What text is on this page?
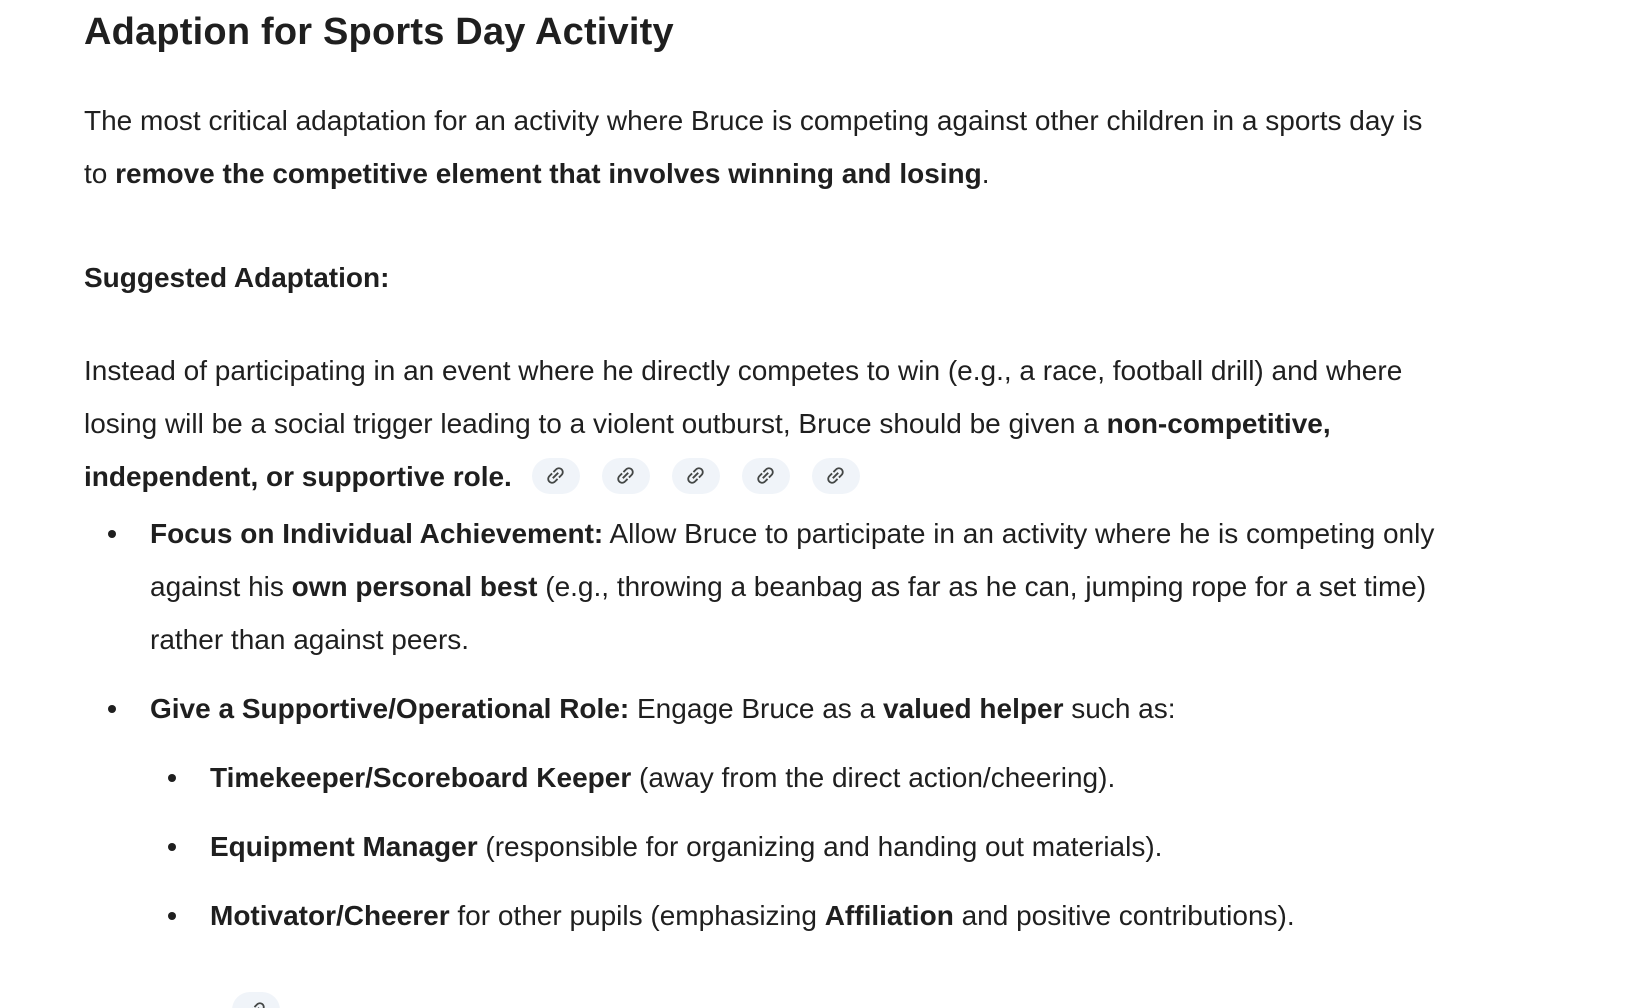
Adaption for Sports Day Activity

The most critical adaptation for an activity where Bruce is competing against other children in a sports day is to remove the competitive element that involves winning and losing.

Suggested Adaptation:

Instead of participating in an event where he directly competes to win (e.g., a race, football drill) and where losing will be a social trigger leading to a violent outburst, Bruce should be given a non-competitive, independent, or supportive role.

Focus on Individual Achievement: Allow Bruce to participate in an activity where he is competing only against his own personal best (e.g., throwing a beanbag as far as he can, jumping rope for a set time) rather than against peers.
Give a Supportive/Operational Role: Engage Bruce as a valued helper such as:
Timekeeper/Scoreboard Keeper (away from the direct action/cheering).
Equipment Manager (responsible for organizing and handing out materials).
Motivator/Cheerer for other pupils (emphasizing Affiliation and positive contributions).
